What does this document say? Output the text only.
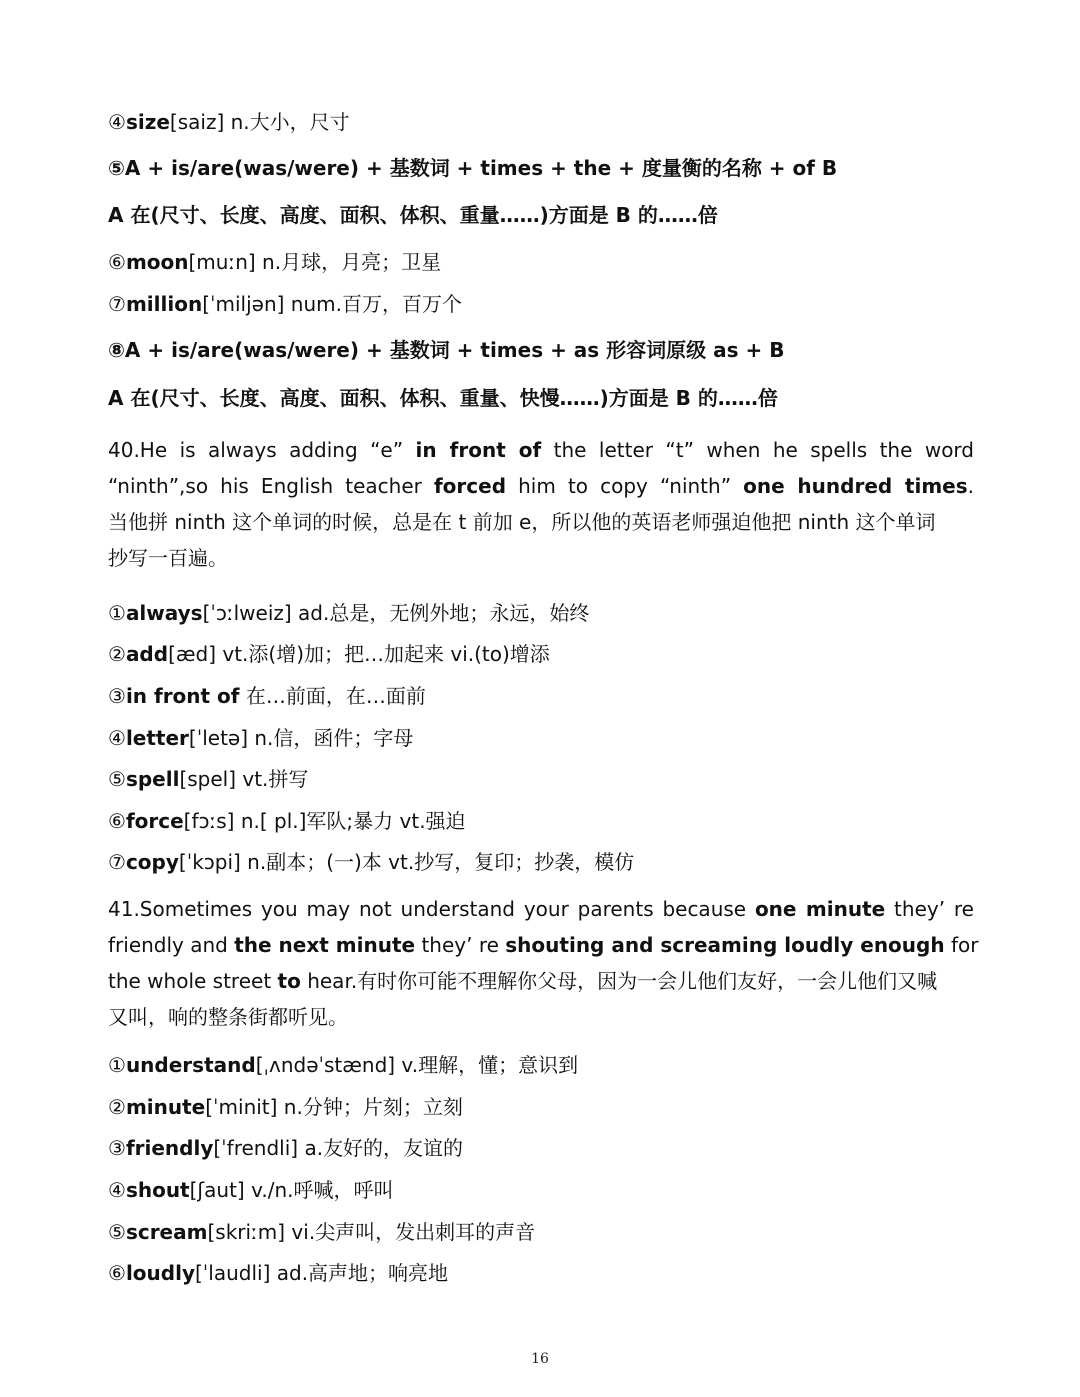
④size[saiz] n.大小，尺寸
⑤A + is/are(was/were) + 基数词 + times + the + 度量衡的名称 + of B
A 在(尺寸、长度、高度、面积、体积、重量……)方面是 B 的……倍
⑥moon[muːn] n.月球，月亮；卫星
⑦million[ˈmiljən] num.百万，百万个
⑧A + is/are(was/were) + 基数词 + times + as 形容词原级 as + B
A 在(尺寸、长度、高度、面积、体积、重量、快慢……)方面是 B 的……倍
40.He is always adding “e” in front of the letter “t” when he spells the word
“ninth”,so his English teacher forced him to copy “ninth” one hundred times.
当他拼 ninth 这个单词的时候，总是在 t 前加 e，所以他的英语老师强迫他把 ninth 这个单词
抄写一百遍。
①always[ˈɔːlweiz] ad.总是，无例外地；永远，始终
②add[æd] vt.添(增)加；把…加起来 vi.(to)增添
③in front of 在…前面，在…面前
④letter[ˈletə] n.信，函件；字母
⑤spell[spel] vt.拼写
⑥force[fɔːs] n.[ pl.]军队;暴力 vt.强迫
⑦copy[ˈkɔpi] n.副本；(一)本 vt.抄写，复印；抄袭，模仿
41.Sometimes you may not understand your parents because one minute they’ re
friendly and the next minute they’ re shouting and screaming loudly enough for
the whole street to hear.有时你可能不理解你父母，因为一会儿他们友好，一会儿他们又喊
又叫，响的整条街都听见。
①understand[ˌʌndəˈstænd] v.理解，懂；意识到
②minute[ˈminit] n.分钟；片刻；立刻
③friendly[ˈfrendli] a.友好的，友谊的
④shout[ʃaut] v./n.呼喊，呼叫
⑤scream[skriːm] vi.尖声叫，发出刺耳的声音
⑥loudly[ˈlaudli] ad.高声地；响亮地
16
